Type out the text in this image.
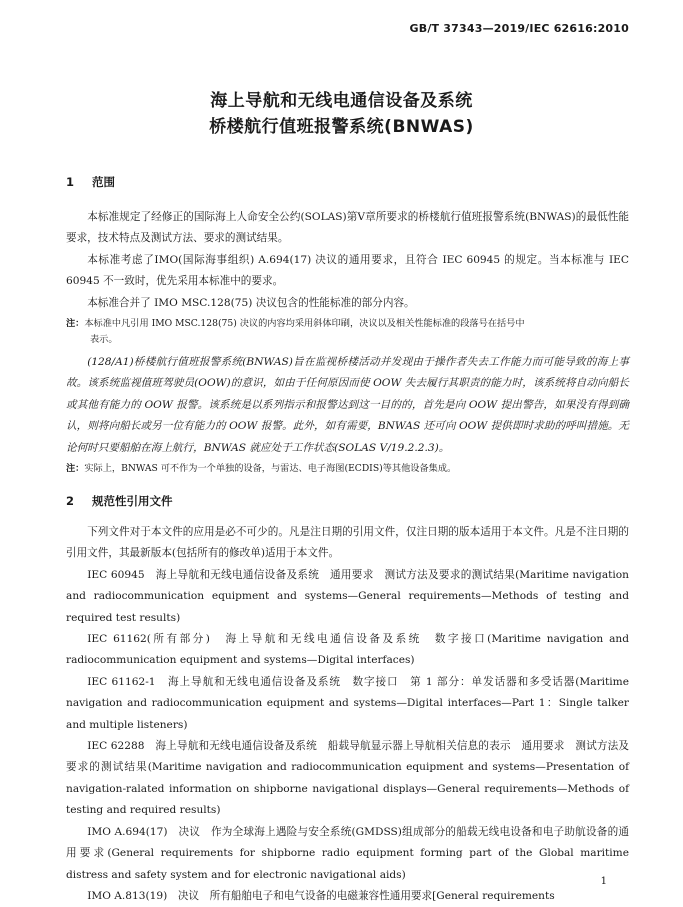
GB/T 37343—2019/IEC 62616:2010
海上导航和无线电通信设备及系统
桥楼航行值班报警系统(BNWAS)
1 范围

本标准规定了经修正的国际海上人命安全公约(SOLAS)第Ⅴ章所要求的桥楼航行值班报警系统(BNWAS)的最低性能要求，技术特点及测试方法、要求的测试结果。

本标准考虑了IMO(国际海事组织) A.694(17) 决议的通用要求，且符合 IEC 60945 的规定。当本标准与 IEC 60945 不一致时，优先采用本标准中的要求。

本标准合并了 IMO MSC.128(75) 决议包含的性能标准的部分内容。

注：本标准中凡引用 IMO MSC.128(75) 决议的内容均采用斜体印刷，决议以及相关性能标准的段落号在括号中
表示。

(128/A1)桥楼航行值班报警系统(BNWAS)旨在监视桥楼活动并发现由于操作者失去工作能力而可能导致的海上事故。该系统监视值班驾驶员(OOW)的意识，如由于任何原因而使 OOW 失去履行其职责的能力时，该系统将自动向船长或其他有能力的 OOW 报警。该系统是以系列指示和报警达到这一目的的，首先是向 OOW 提出警告，如果没有得到确认，则将向船长或另一位有能力的 OOW 报警。此外，如有需要，BNWAS 还可向 OOW 提供即时求助的呼叫措施。无论何时只要船舶在海上航行，BNWAS 就应处于工作状态(SOLAS Ⅴ/19.2.2.3)。

注：实际上，BNWAS 可不作为一个单独的设备，与雷达、电子海图(ECDIS)等其他设备集成。

2 规范性引用文件

下列文件对于本文件的应用是必不可少的。凡是注日期的引用文件，仅注日期的版本适用于本文件。凡是不注日期的引用文件，其最新版本(包括所有的修改单)适用于本文件。

IEC 60945　海上导航和无线电通信设备及系统　通用要求　测试方法及要求的测试结果(Maritime navigation and radiocommunication equipment and systems—General requirements—Methods of testing and required test results)

IEC 61162(所有部分)　海上导航和无线电通信设备及系统　数字接口(Maritime navigation and radiocommunication equipment and systems—Digital interfaces)

IEC 61162-1　海上导航和无线电通信设备及系统　数字接口　第 1 部分：单发话器和多受话器(Maritime navigation and radiocommunication equipment and systems—Digital interfaces—Part 1：Single talker and multiple listeners)

IEC 62288　海上导航和无线电通信设备及系统　船载导航显示器上导航相关信息的表示　通用要求　测试方法及要求的测试结果(Maritime navigation and radiocommunication equipment and systems—Presentation of navigation-ralated information on shipborne navigational displays—General requirements—Methods of testing and required results)

IMO A.694(17)　决议　作为全球海上遇险与安全系统(GMDSS)组成部分的船载无线电设备和电子助航设备的通用要求(General requirements for shipborne radio equipment forming part of the Global maritime distress and safety system and for electronic navigational aids)

IMO A.813(19)　决议　所有船舶电子和电气设备的电磁兼容性通用要求[General requirements

1
